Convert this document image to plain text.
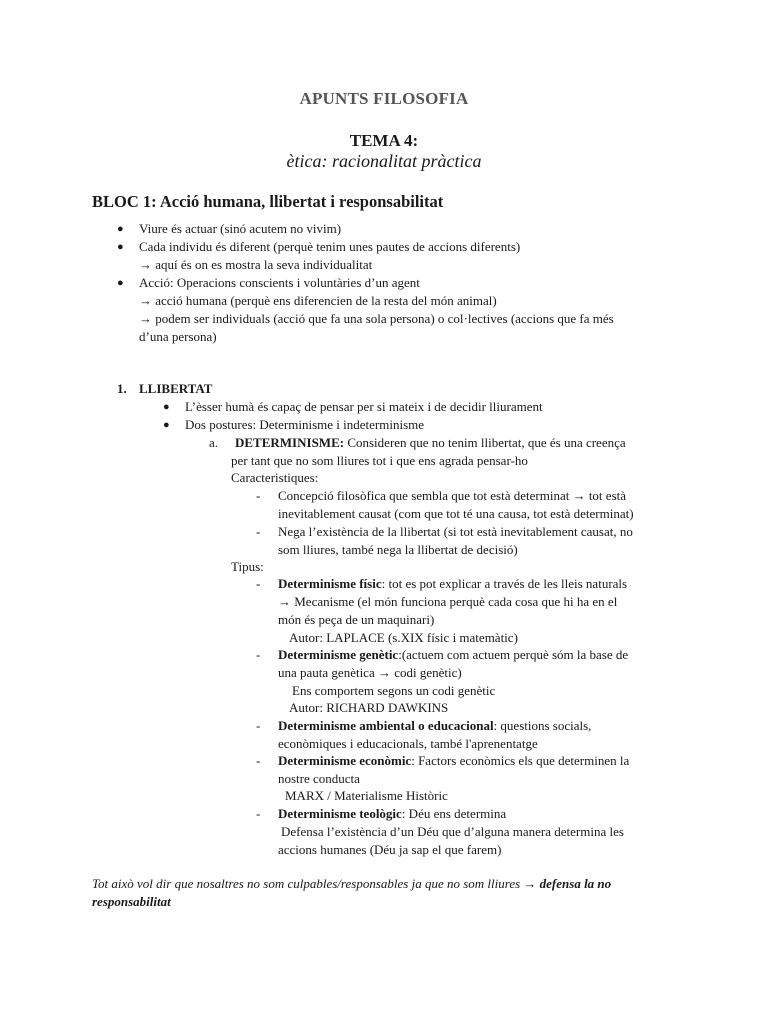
APUNTS FILOSOFIA
TEMA 4:
ètica: racionalitat pràctica
BLOC 1: Acció humana, llibertat i responsabilitat
● Viure és actuar (sinó acutem no vivim)
● Cada individu és diferent (perquè tenim unes pautes de accions diferents)
→ aquí és on es mostra la seva individualitat
● Acció: Operacions conscients i voluntàries d’un agent
→ acció humana (perquè ens diferencien de la resta del món animal)
→ podem ser individuals (acció que fa una sola persona) o col·lectives (accions que fa més
d’una persona)
1. LLIBERTAT
● L’èsser humà és capaç de pensar per si mateix i de decidir lliurament
● Dos postures: Determinisme i indeterminisme
a. DETERMINISME: Consideren que no tenim llibertat, que és una creença
per tant que no som lliures tot i que ens agrada pensar-ho
Caracteristiques:
- Concepció filosòfica que sembla que tot està determinat → tot està
inevitablement causat (com que tot té una causa, tot està determinat)
- Nega l’existència de la llibertat (si tot està inevitablement causat, no
som lliures, també nega la llibertat de decisió)
Tipus:
- Determinisme físic: tot es pot explicar a través de les lleis naturals
→ Mecanisme (el món funciona perquè cada cosa que hi ha en el
món és peça de un maquinari)
Autor: LAPLACE (s.XIX físic i matemàtic)
- Determinisme genètic:(actuem com actuem perquè sóm la base de
una pauta genètica → codi genètic)
Ens comportem segons un codi genètic
Autor: RICHARD DAWKINS
- Determinisme ambiental o educacional: questions socials,
econòmiques i educacionals, també l'aprenentatge
- Determinisme econòmic: Factors econòmics els que determinen la
nostre conducta
MARX / Materialisme Històric
- Determinisme teològic: Déu ens determina
Defensa l’existència d’un Déu que d’alguna manera determina les
accions humanes (Déu ja sap el que farem)
Tot això vol dir que nosaltres no som culpables/responsables ja que no som lliures → defensa la no responsabilitat
